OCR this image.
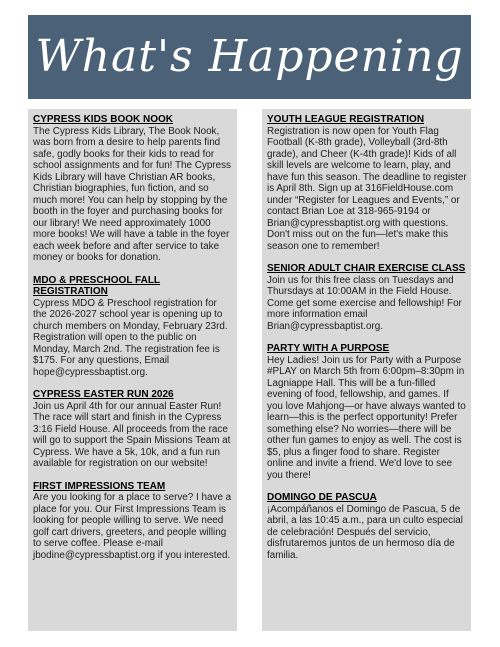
What's Happening
CYPRESS KIDS BOOK NOOK

The Cypress Kids Library, The Book Nook, was born from a desire to help parents find safe, godly books for their kids to read for school assignments and for fun! The Cypress Kids Library will have Christian AR books, Christian biographies, fun fiction, and so much more! You can help by stopping by the booth in the foyer and purchasing books for our library! We need approximately 1000 more books! We will have a table in the foyer each week before and after service to take money or books for donation.

MDO & PRESCHOOL FALL REGISTRATION

Cypress MDO & Preschool registration for the 2026-2027 school year is opening up to church members on Monday, February 23rd. Registration will open to the public on Monday, March 2nd. The registration fee is $175. For any questions, Email hope@cypressbaptist.org.

CYPRESS EASTER RUN 2026

Join us April 4th for our annual Easter Run! The race will start and finish in the Cypress 3:16 Field House. All proceeds from the race will go to support the Spain Missions Team at Cypress. We have a 5k, 10k, and a fun run available for registration on our website!

FIRST IMPRESSIONS TEAM

Are you looking for a place to serve? I have a place for you. Our First Impressions Team is looking for people willing to serve. We need golf cart drivers, greeters, and people willing to serve coffee. Please e-mail jbodine@cypressbaptist.org if you interested.

YOUTH LEAGUE REGISTRATION

Registration is now open for Youth Flag Football (K-8th grade), Volleyball (3rd-8th grade), and Cheer (K-4th grade)! Kids of all skill levels are welcome to learn, play, and have fun this season. The deadline to register is April 8th. Sign up at 316FieldHouse.com under “Register for Leagues and Events,” or contact Brian Loe at 318-965-9194 or Brian@cypressbaptist.org with questions. Don't miss out on the fun—let's make this season one to remember!

SENIOR ADULT CHAIR EXERCISE CLASS

Join us for this free class on Tuesdays and Thursdays at 10:00AM in the Field House. Come get some exercise and fellowship! For more information email Brian@cypressbaptist.org.

PARTY WITH A PURPOSE

Hey Ladies! Join us for Party with a Purpose #PLAY on March 5th from 6:00pm–8:30pm in Lagniappe Hall. This will be a fun-filled evening of food, fellowship, and games. If you love Mahjong—or have always wanted to learn—this is the perfect opportunity! Prefer something else? No worries—there will be other fun games to enjoy as well. The cost is $5, plus a finger food to share. Register online and invite a friend. We'd love to see you there!

DOMINGO DE PASCUA

¡Acompáñanos el Domingo de Pascua, 5 de abril, a las 10:45 a.m., para un culto especial de celebración! Después del servicio, disfrutaremos juntos de un hermoso día de familia.
